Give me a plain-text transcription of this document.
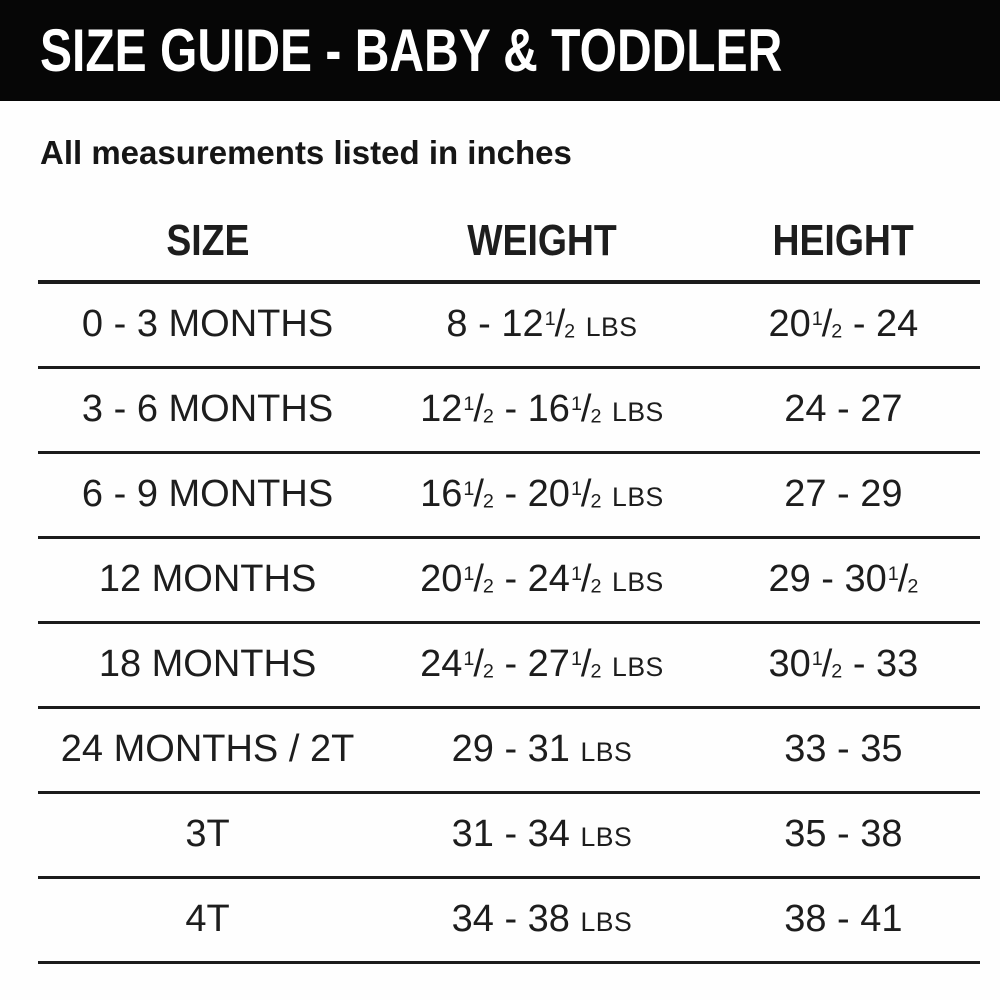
SIZE GUIDE - BABY & TODDLER
All measurements listed in inches
SIZE	WEIGHT	HEIGHT
0 - 3 MONTHS	$8 - 12^1/_2$ LBS	$20^1/_2 - 24$
3 - 6 MONTHS	$12^1/_2 - 16^1/_2$ LBS	24 - 27
6 - 9 MONTHS	$16^1/_2 - 20^1/_2$ LBS	27 - 29
12 MONTHS	$20^1/_2 - 24^1/_2$ LBS	$29 - 30^1/_2$
18 MONTHS	$24^1/_2 - 27^1/_2$ LBS	$30^1/_2 - 33$
24 MONTHS / 2T	29 - 31 LBS	33 - 35
3T	31 - 34 LBS	35 - 38
4T	34 - 38 LBS	38 - 41
